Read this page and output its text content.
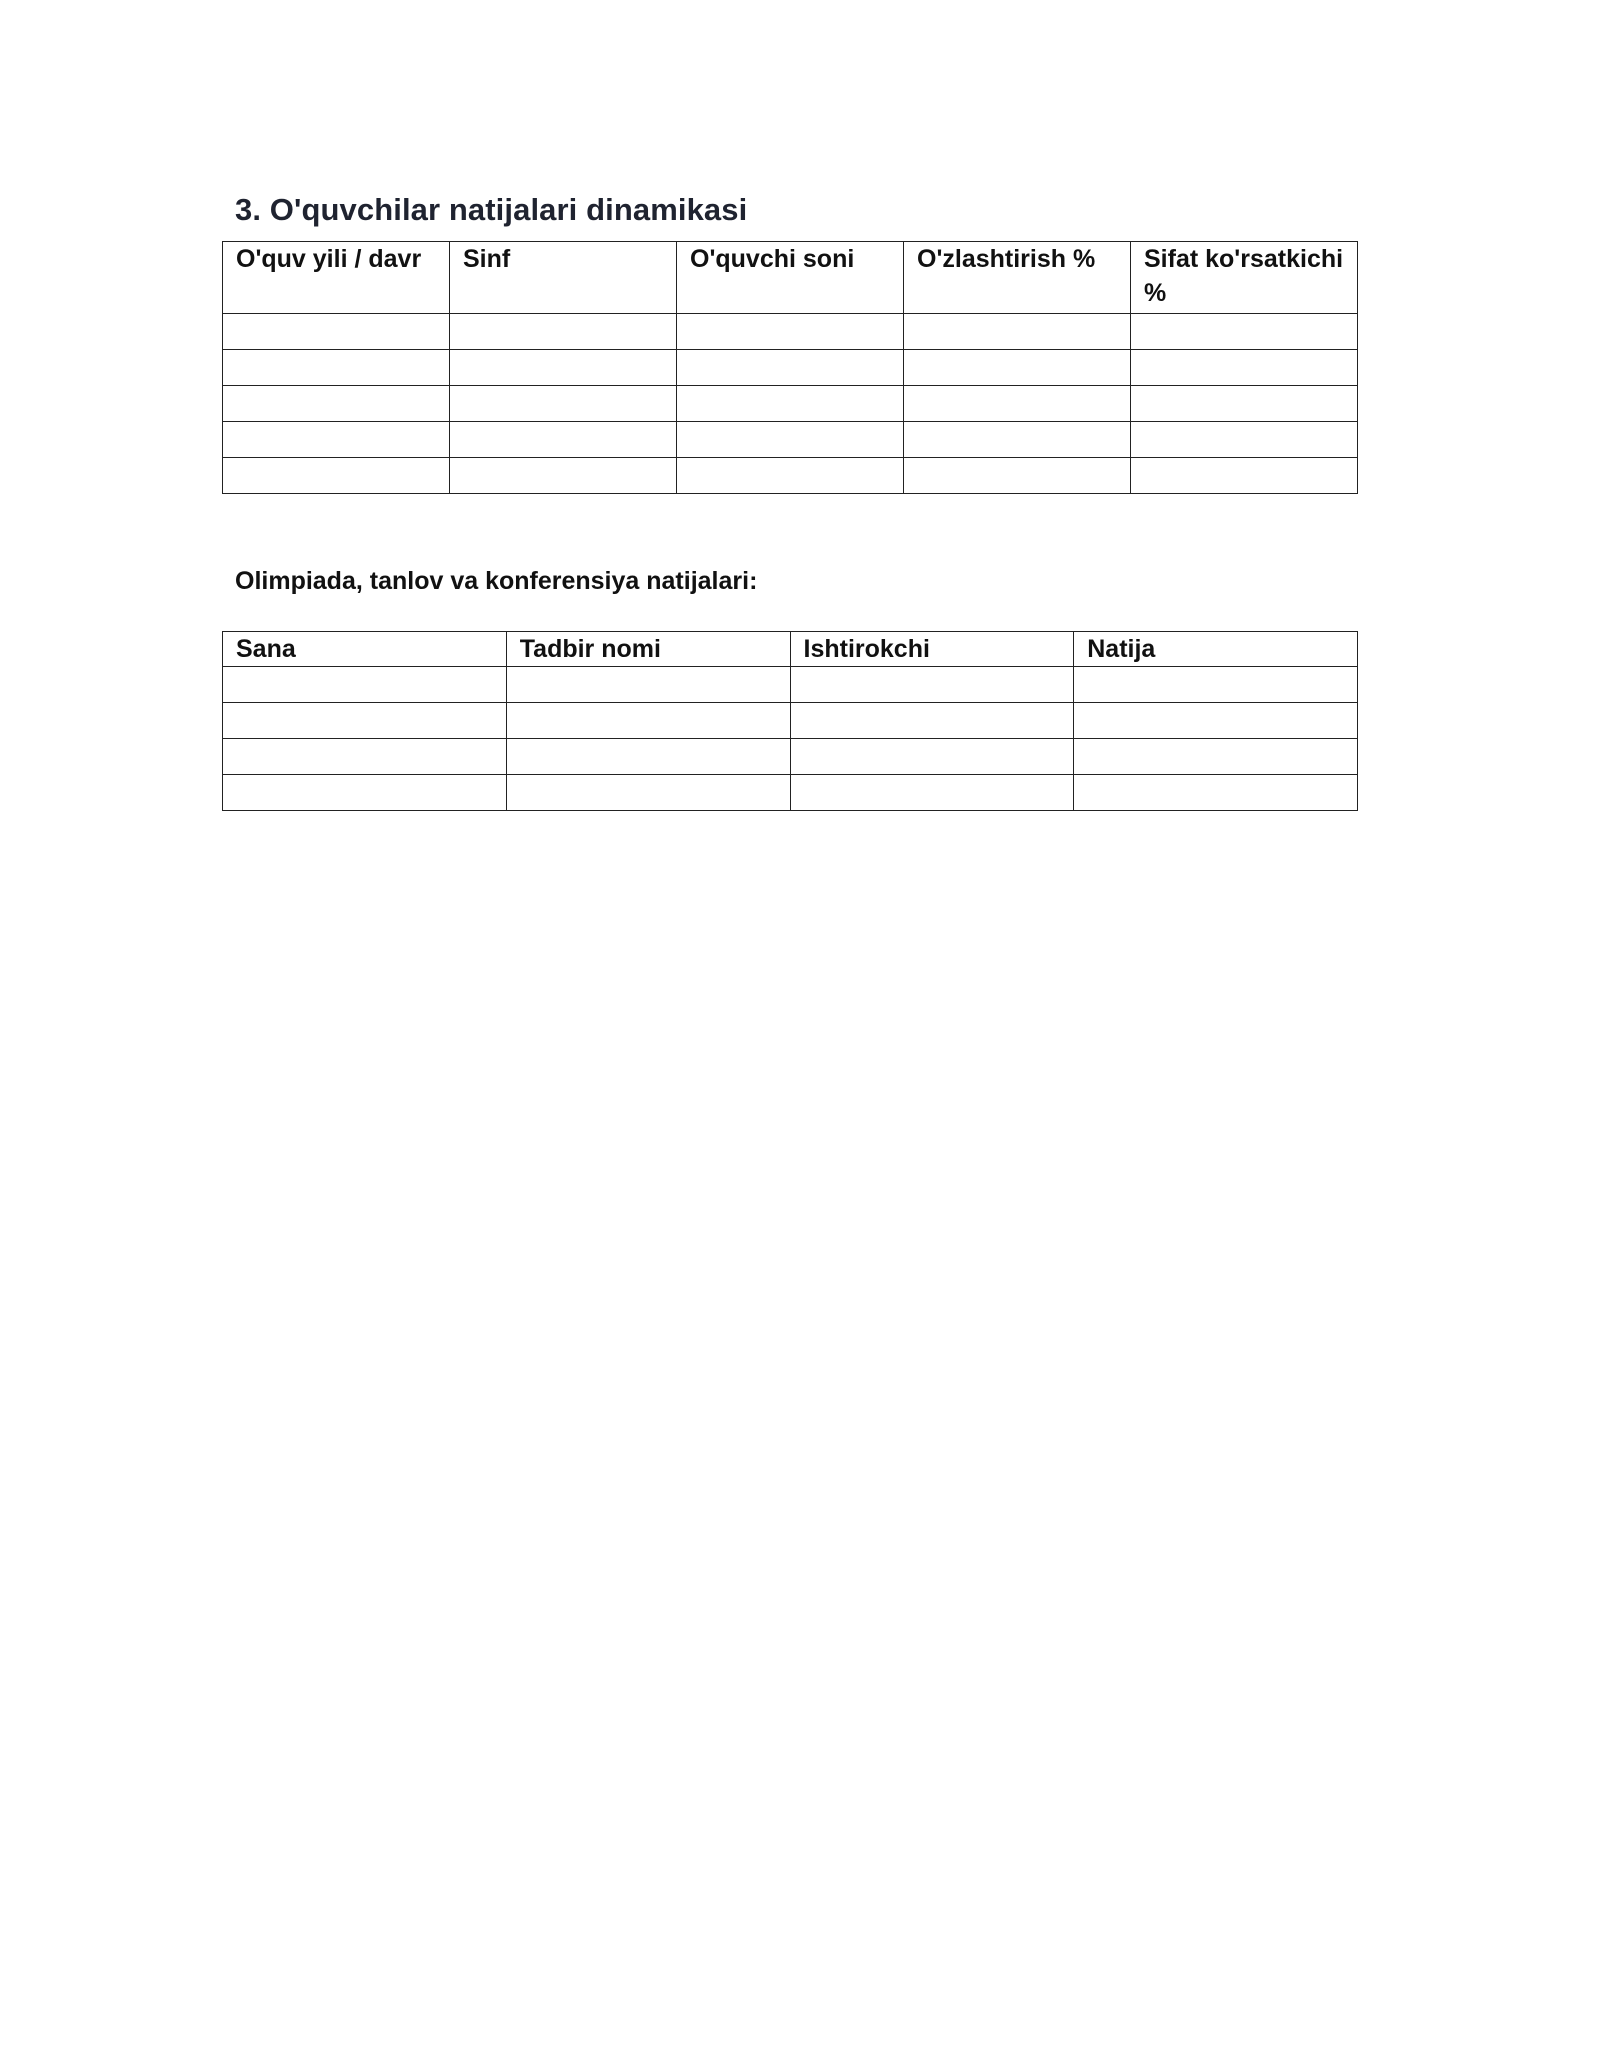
3. O'quvchilar natijalari dinamikasi
O'quv yili / davr	Sinf	O'quvchi soni	O'zlashtirish %	Sifat ko'rsatkichi %

Olimpiada, tanlov va konferensiya natijalari:

Sana	Tadbir nomi	Ishtirokchi	Natija
